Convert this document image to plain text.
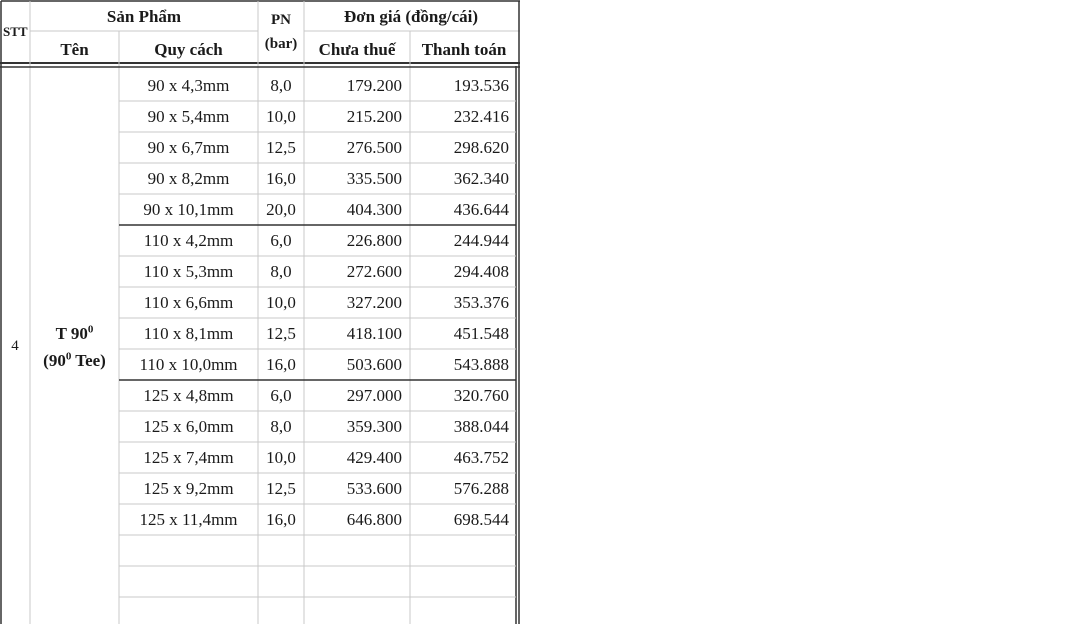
STT
Sản Phẩm
Tên	Quy cách
PN
(bar)
Đơn giá (đồng/cái)
Chưa thuế	Thanh toán
4
T $90^0$
($90^0$ Tee)
90 x 4,3mm	8,0	179.200	193.536
90 x 5,4mm	10,0	215.200	232.416
90 x 6,7mm	12,5	276.500	298.620
90 x 8,2mm	16,0	335.500	362.340
90 x 10,1mm	20,0	404.300	436.644
110 x 4,2mm	6,0	226.800	244.944
110 x 5,3mm	8,0	272.600	294.408
110 x 6,6mm	10,0	327.200	353.376
110 x 8,1mm	12,5	418.100	451.548
110 x 10,0mm	16,0	503.600	543.888
125 x 4,8mm	6,0	297.000	320.760
125 x 6,0mm	8,0	359.300	388.044
125 x 7,4mm	10,0	429.400	463.752
125 x 9,2mm	12,5	533.600	576.288
125 x 11,4mm	16,0	646.800	698.544
